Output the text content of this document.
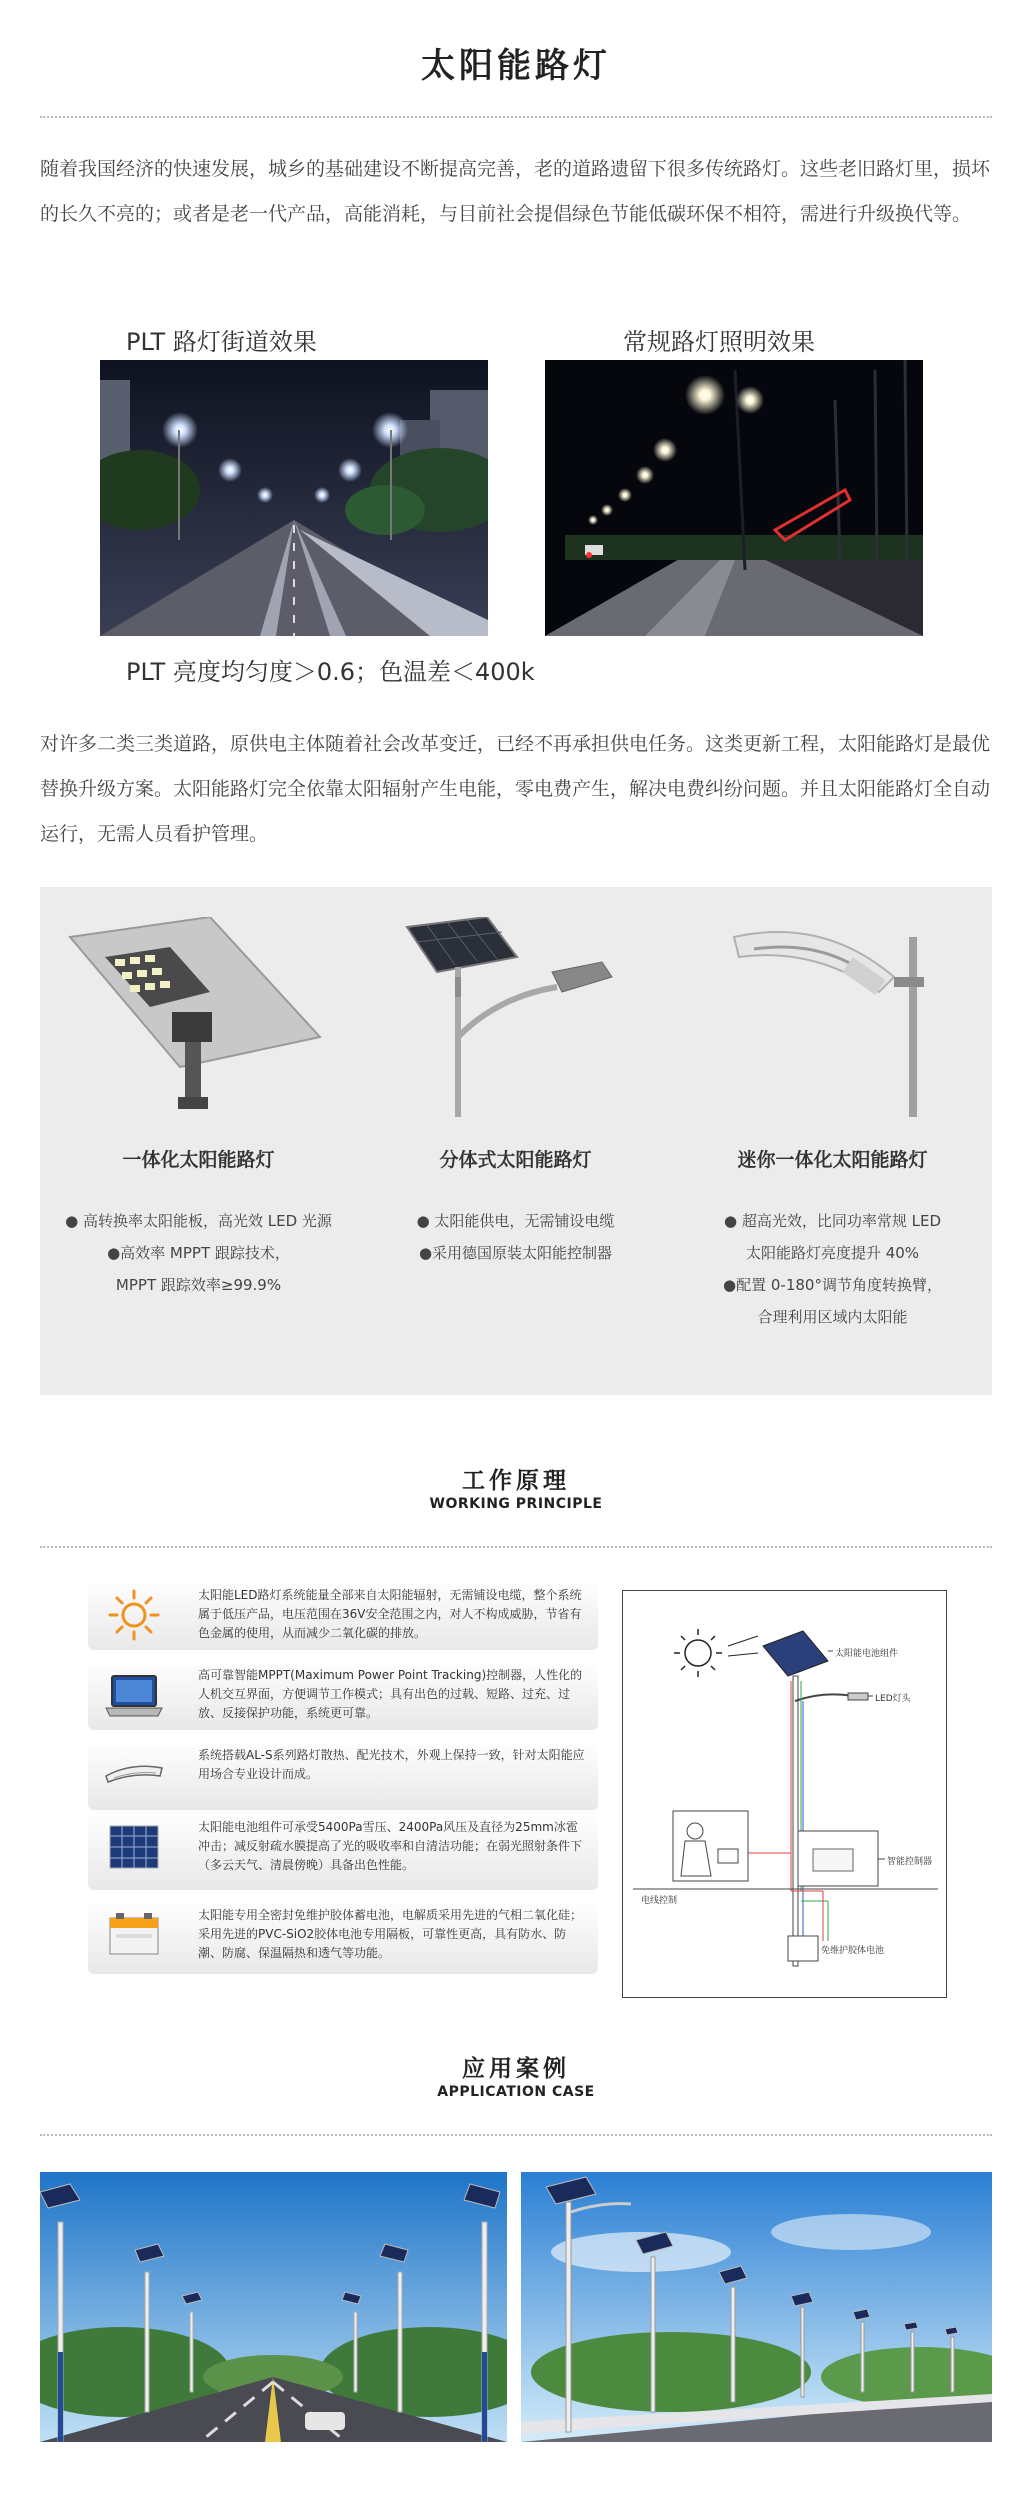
太阳能路灯

随着我国经济的快速发展，城乡的基础建设不断提高完善，老的道路遗留下很多传统路灯。这些老旧路灯里，损坏的长久不亮的；或者是老一代产品，高能消耗，与目前社会提倡绿色节能低碳环保不相符，需进行升级换代等。

PLT 路灯街道效果	常规路灯照明效果
PLT 亮度均匀度＞0.6；色温差＜400k

对许多二类三类道路，原供电主体随着社会改革变迁，已经不再承担供电任务。这类更新工程，太阳能路灯是最优替换升级方案。太阳能路灯完全依靠太阳辐射产生电能，零电费产生，解决电费纠纷问题。并且太阳能路灯全自动运行，无需人员看护管理。

一体化太阳能路灯
● 高转换率太阳能板，高光效 LED 光源
●高效率 MPPT 跟踪技术，
MPPT 跟踪效率≥99.9%
分体式太阳能路灯
● 太阳能供电，无需铺设电缆
●采用德国原装太阳能控制器
迷你一体化太阳能路灯
● 超高光效，比同功率常规 LED
太阳能路灯亮度提升 40%
●配置 0-180°调节角度转换臂，
合理利用区域内太阳能
工作原理
WORKING PRINCIPLE
太阳能LED路灯系统能量全部来自太阳能辐射，无需铺设电缆，整个系统属于低压产品，电压范围在36V安全范围之内，对人不构成威胁，节省有色金属的使用，从而减少二氧化碳的排放。
高可靠智能MPPT(Maximum Power Point Tracking)控制器，人性化的人机交互界面，方便调节工作模式；具有出色的过载、短路、过充、过放、反接保护功能，系统更可靠。
系统搭载AL-S系列路灯散热、配光技术，外观上保持一致，针对太阳能应用场合专业设计而成。
太阳能电池组件可承受5400Pa雪压、2400Pa风压及直径为25mm冰雹冲击；减反射疏水膜提高了光的吸收率和自清洁功能；在弱光照射条件下（多云天气、清晨傍晚）具备出色性能。
太阳能专用全密封免维护胶体蓄电池，电解质采用先进的气相二氧化硅；采用先进的PVC-SiO2胶体电池专用隔板，可靠性更高，具有防水、防潮、防腐、保温隔热和透气等功能。
太阳能电池组件
LED灯头
智能控制器
电线控制
免维护胶体电池
应用案例
APPLICATION CASE
